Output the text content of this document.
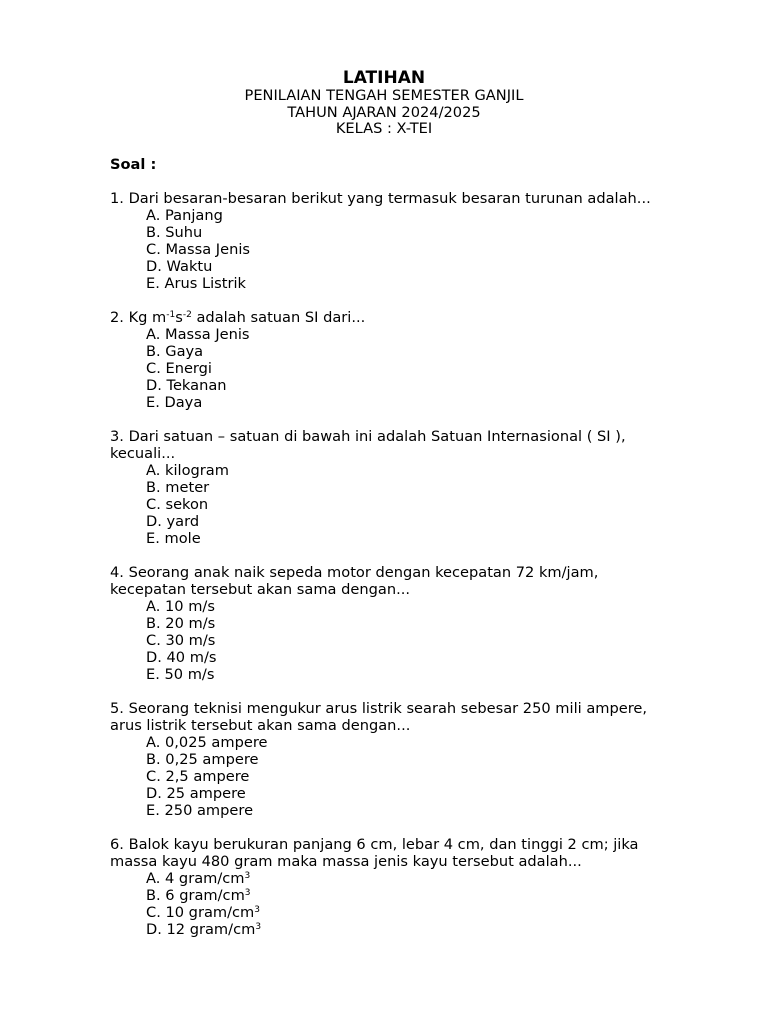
LATIHAN
PENILAIAN TENGAH SEMESTER GANJIL
TAHUN AJARAN 2024/2025
KELAS : X-TEI
Soal :
1. Dari besaran-besaran berikut yang termasuk besaran turunan adalah...
A. Panjang
B. Suhu
C. Massa Jenis
D. Waktu
E. Arus Listrik
2. Kg $m^{-1}s^{-2}$ adalah satuan SI dari...
A. Massa Jenis
B. Gaya
C. Energi
D. Tekanan
E. Daya
3. Dari satuan – satuan di bawah ini adalah Satuan Internasional ( SI ),
kecuali...
A. kilogram
B. meter
C. sekon
D. yard
E. mole
4. Seorang anak naik sepeda motor dengan kecepatan 72 km/jam,
kecepatan tersebut akan sama dengan...
A. 10 m/s
B. 20 m/s
C. 30 m/s
D. 40 m/s
E. 50 m/s
5. Seorang teknisi mengukur arus listrik searah sebesar 250 mili ampere,
arus listrik tersebut akan sama dengan...
A. 0,025 ampere
B. 0,25 ampere
C. 2,5 ampere
D. 25 ampere
E. 250 ampere
6. Balok kayu berukuran panjang 6 cm, lebar 4 cm, dan tinggi 2 cm; jika
massa kayu 480 gram maka massa jenis kayu tersebut adalah...
A. 4 gram/$cm^3$
B. 6 gram/$cm^3$
C. 10 gram/$cm^3$
D. 12 gram/$cm^3$
